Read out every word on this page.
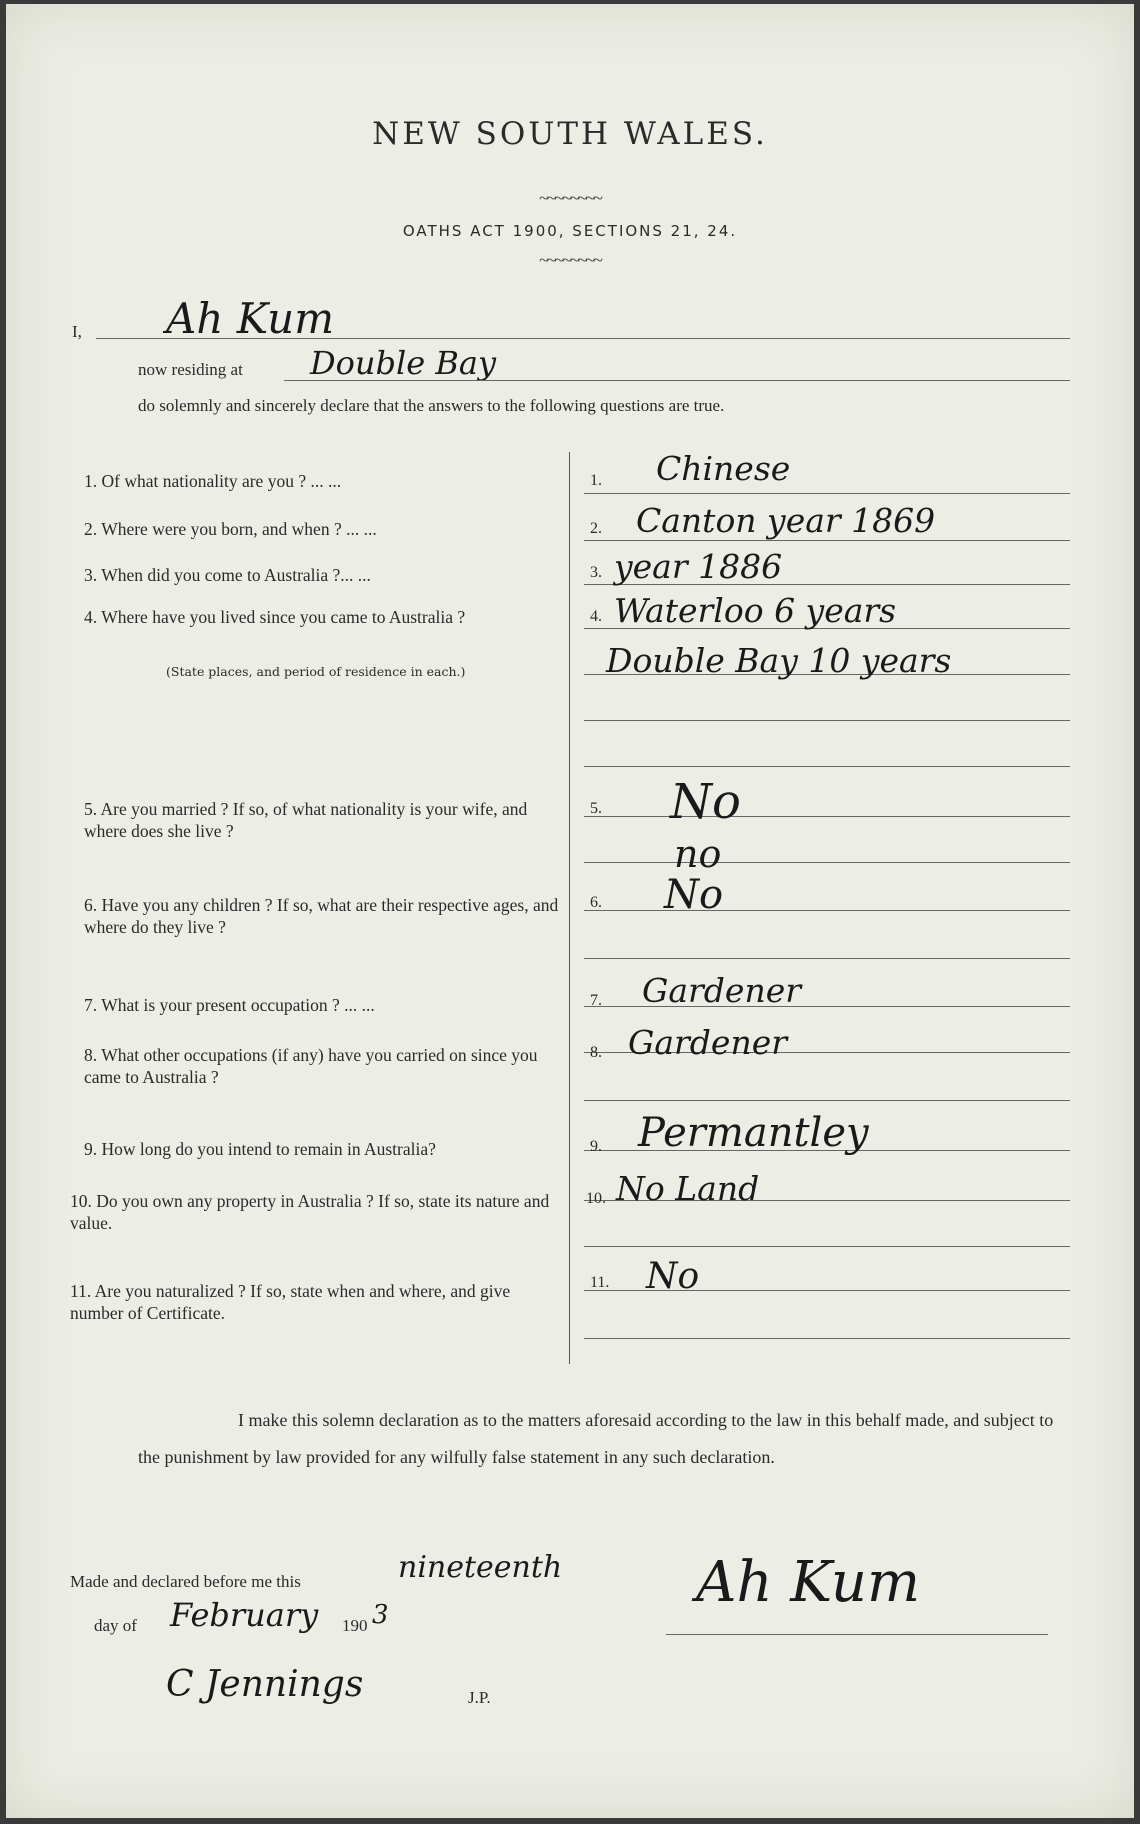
NEW SOUTH WALES.
~~~~~~~~
OATHS ACT 1900, SECTIONS 21, 24.
~~~~~~~~
I, Ah Kum
now residing at Double Bay
do solemnly and sincerely declare that the answers to the following questions are true.
1. Of what nationality are you ? ... ...
2. Where were you born, and when ? ... ...
3. When did you come to Australia ?... ...
4. Where have you lived since you came to Australia ?
(State places, and period of residence in each.)
5. Are you married ? If so, of what nationality is your wife, and where does she live ?
6. Have you any children ? If so, what are their respective ages, and where do they live ?
7. What is your present occupation ? ... ...
8. What other occupations (if any) have you carried on since you came to Australia ?
9. How long do you intend to remain in Australia?
10. Do you own any property in Australia ? If so, state its nature and value.
11. Are you naturalized ? If so, state when and where, and give number of Certificate.
1.
2.
3.
4.
5.
6.
7.
8.
9.
10.
11.
Chinese
Canton year 1869
year 1886
Waterloo 6 years
Double Bay 10 years
No
no
No
Gardener
Gardener
Permantley
No Land
No

I make this solemn declaration as to the matters aforesaid according to the law in this behalf made, and subject to the punishment by law provided for any wilfully false statement in any such declaration.

Made and declared before me this	nineteenth
day of February 190 3
C Jennings	J.P.
Ah Kum
